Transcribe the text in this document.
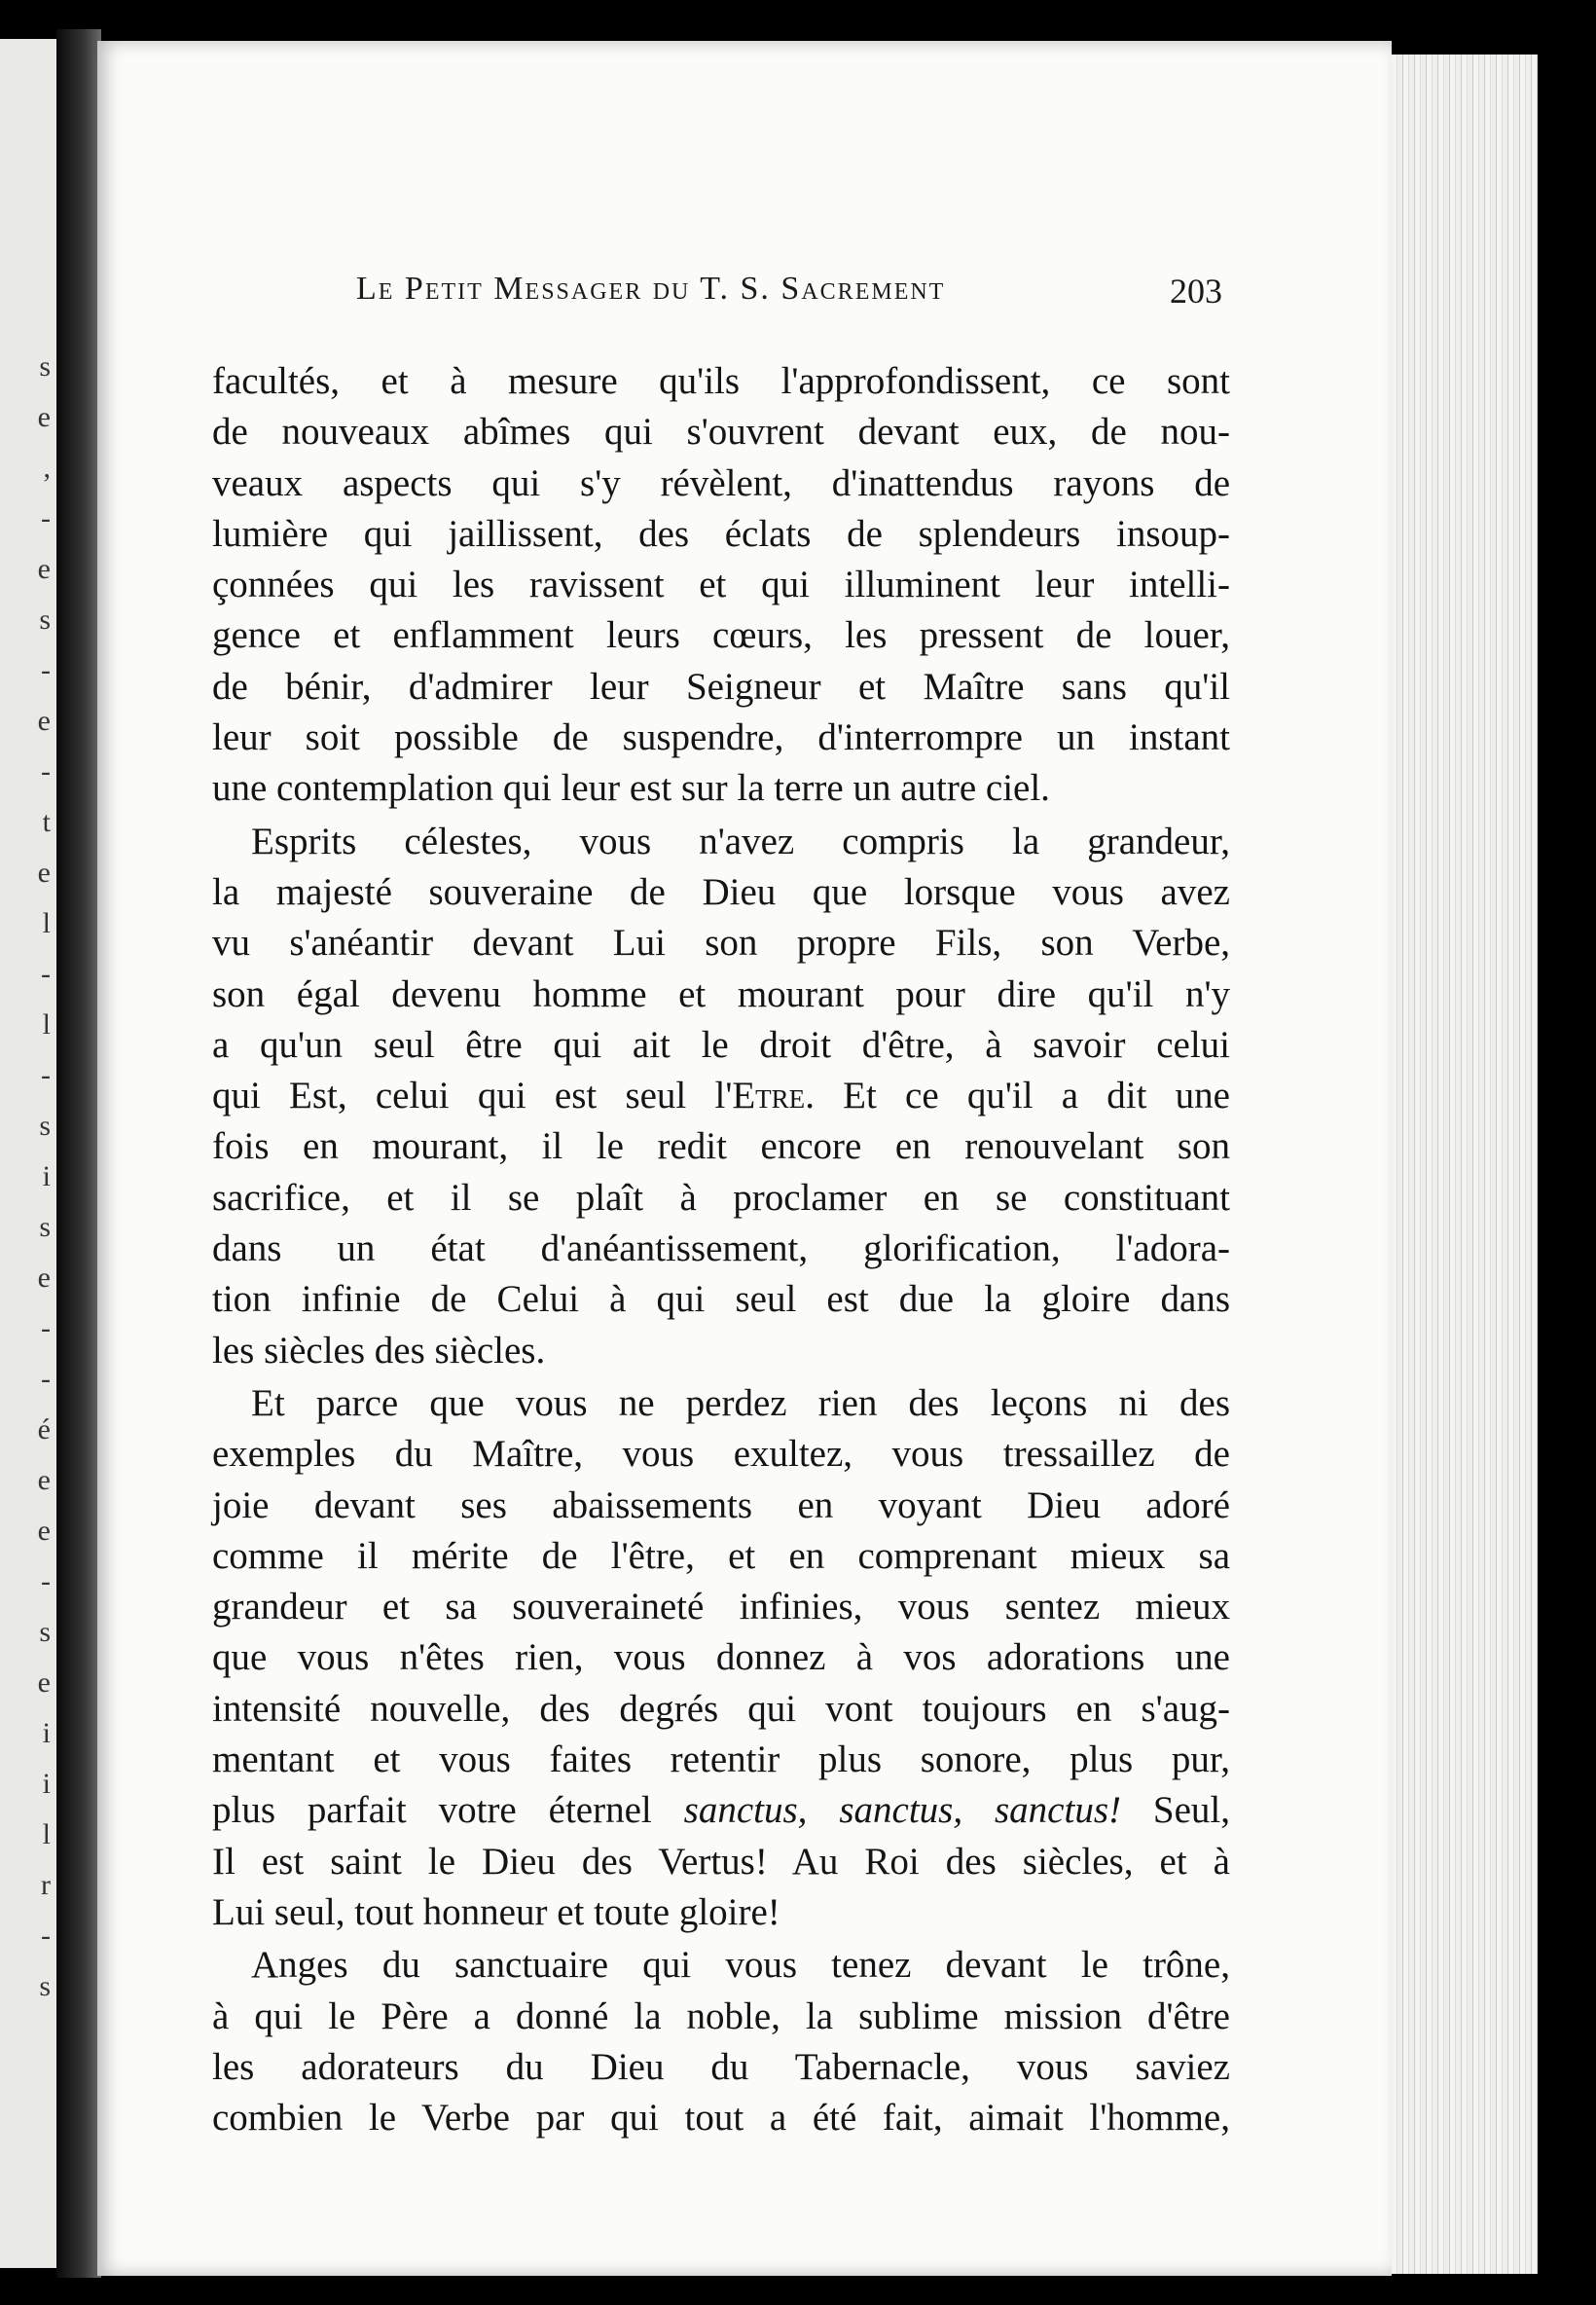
s
e
,
-
e
s
-
e
-
t
e
l
-
l
-
s
i
s
e
-
-
é
e
e
-
s
e
i
i
l
r
-
s
Le Petit Messager du T. S. Sacrement	203
facultés, et à mesure qu'ils l'approfondissent, ce sont
de nouveaux abîmes qui s'ouvrent devant eux, de nou-
veaux aspects qui s'y révèlent, d'inattendus rayons de
lumière qui jaillissent, des éclats de splendeurs insoup-
çonnées qui les ravissent et qui illuminent leur intelli-
gence et enflamment leurs cœurs, les pressent de louer,
de bénir, d'admirer leur Seigneur et Maître sans qu'il
leur soit possible de suspendre, d'interrompre un instant
une contemplation qui leur est sur la terre un autre ciel.
Esprits célestes, vous n'avez compris la grandeur,
la majesté souveraine de Dieu que lorsque vous avez
vu s'anéantir devant Lui son propre Fils, son Verbe,
son égal devenu homme et mourant pour dire qu'il n'y
a qu'un seul être qui ait le droit d'être, à savoir celui
qui Est, celui qui est seul l'Etre. Et ce qu'il a dit une
fois en mourant, il le redit encore en renouvelant son
sacrifice, et il se plaît à proclamer en se constituant
dans un état d'anéantissement, glorification, l'adora-
tion infinie de Celui à qui seul est due la gloire dans
les siècles des siècles.
Et parce que vous ne perdez rien des leçons ni des
exemples du Maître, vous exultez, vous tressaillez de
joie devant ses abaissements en voyant Dieu adoré
comme il mérite de l'être, et en comprenant mieux sa
grandeur et sa souveraineté infinies, vous sentez mieux
que vous n'êtes rien, vous donnez à vos adorations une
intensité nouvelle, des degrés qui vont toujours en s'aug-
mentant et vous faites retentir plus sonore, plus pur,
plus parfait votre éternel sanctus, sanctus, sanctus! Seul,
Il est saint le Dieu des Vertus! Au Roi des siècles, et à
Lui seul, tout honneur et toute gloire!
Anges du sanctuaire qui vous tenez devant le trône,
à qui le Père a donné la noble, la sublime mission d'être
les adorateurs du Dieu du Tabernacle, vous saviez
combien le Verbe par qui tout a été fait, aimait l'homme,
